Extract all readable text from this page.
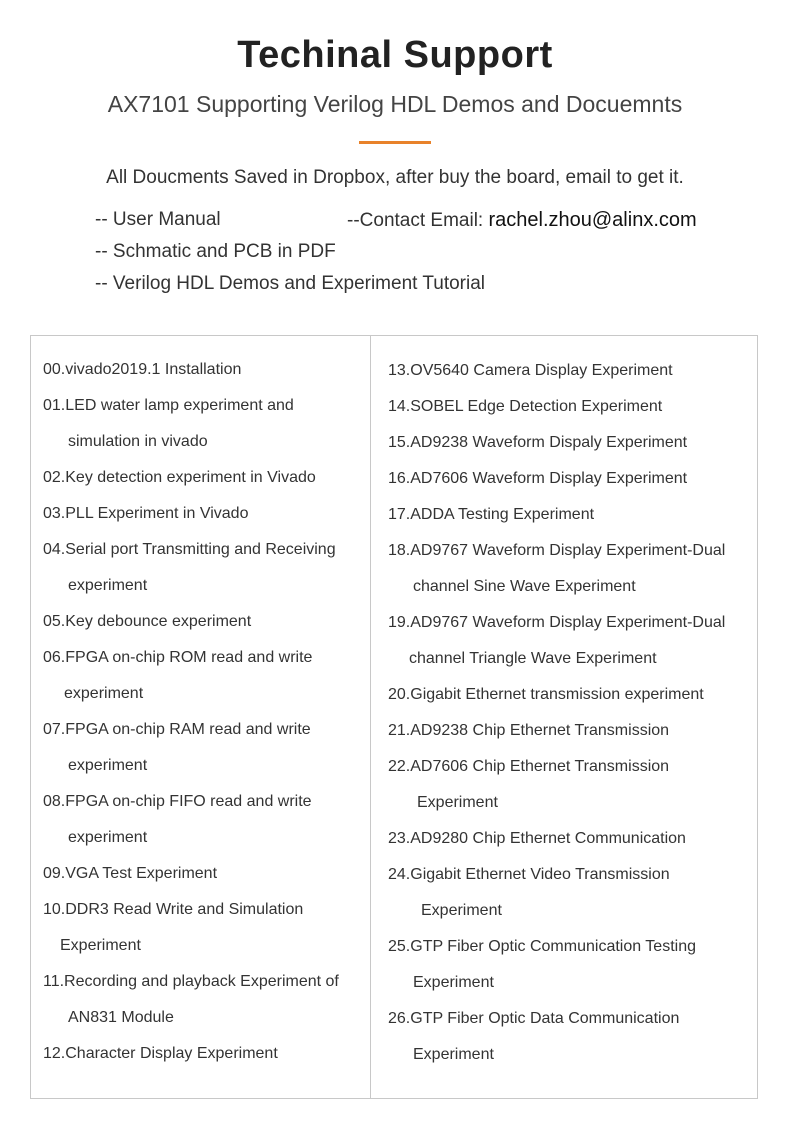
Techinal Support
AX7101 Supporting Verilog HDL Demos and Docuemnts
All Doucments Saved in Dropbox, after buy the board, email to get it.
-- User Manual
-- Schmatic and PCB in PDF
-- Verilog HDL Demos and Experiment Tutorial
--Contact Email: rachel.zhou@alinx.com
00.vivado2019.1 Installation
01.LED water lamp experiment and
simulation in vivado
02.Key detection experiment in Vivado
03.PLL Experiment in Vivado
04.Serial port Transmitting and Receiving
experiment
05.Key debounce experiment
06.FPGA on-chip ROM read and write
experiment
07.FPGA on-chip RAM read and write
experiment
08.FPGA on-chip FIFO read and write
experiment
09.VGA Test Experiment
10.DDR3 Read Write and Simulation
Experiment
11.Recording and playback Experiment of
AN831 Module
12.Character Display Experiment
13.OV5640 Camera Display Experiment
14.SOBEL Edge Detection Experiment
15.AD9238 Waveform Dispaly Experiment
16.AD7606 Waveform Display Experiment
17.ADDA Testing Experiment
18.AD9767 Waveform Display Experiment-Dual
channel Sine Wave Experiment
19.AD9767 Waveform Display Experiment-Dual
channel Triangle Wave Experiment
20.Gigabit Ethernet transmission experiment
21.AD9238 Chip Ethernet Transmission
22.AD7606 Chip Ethernet Transmission
Experiment
23.AD9280 Chip Ethernet Communication
24.Gigabit Ethernet Video Transmission
Experiment
25.GTP Fiber Optic Communication Testing
Experiment
26.GTP Fiber Optic Data Communication
Experiment
